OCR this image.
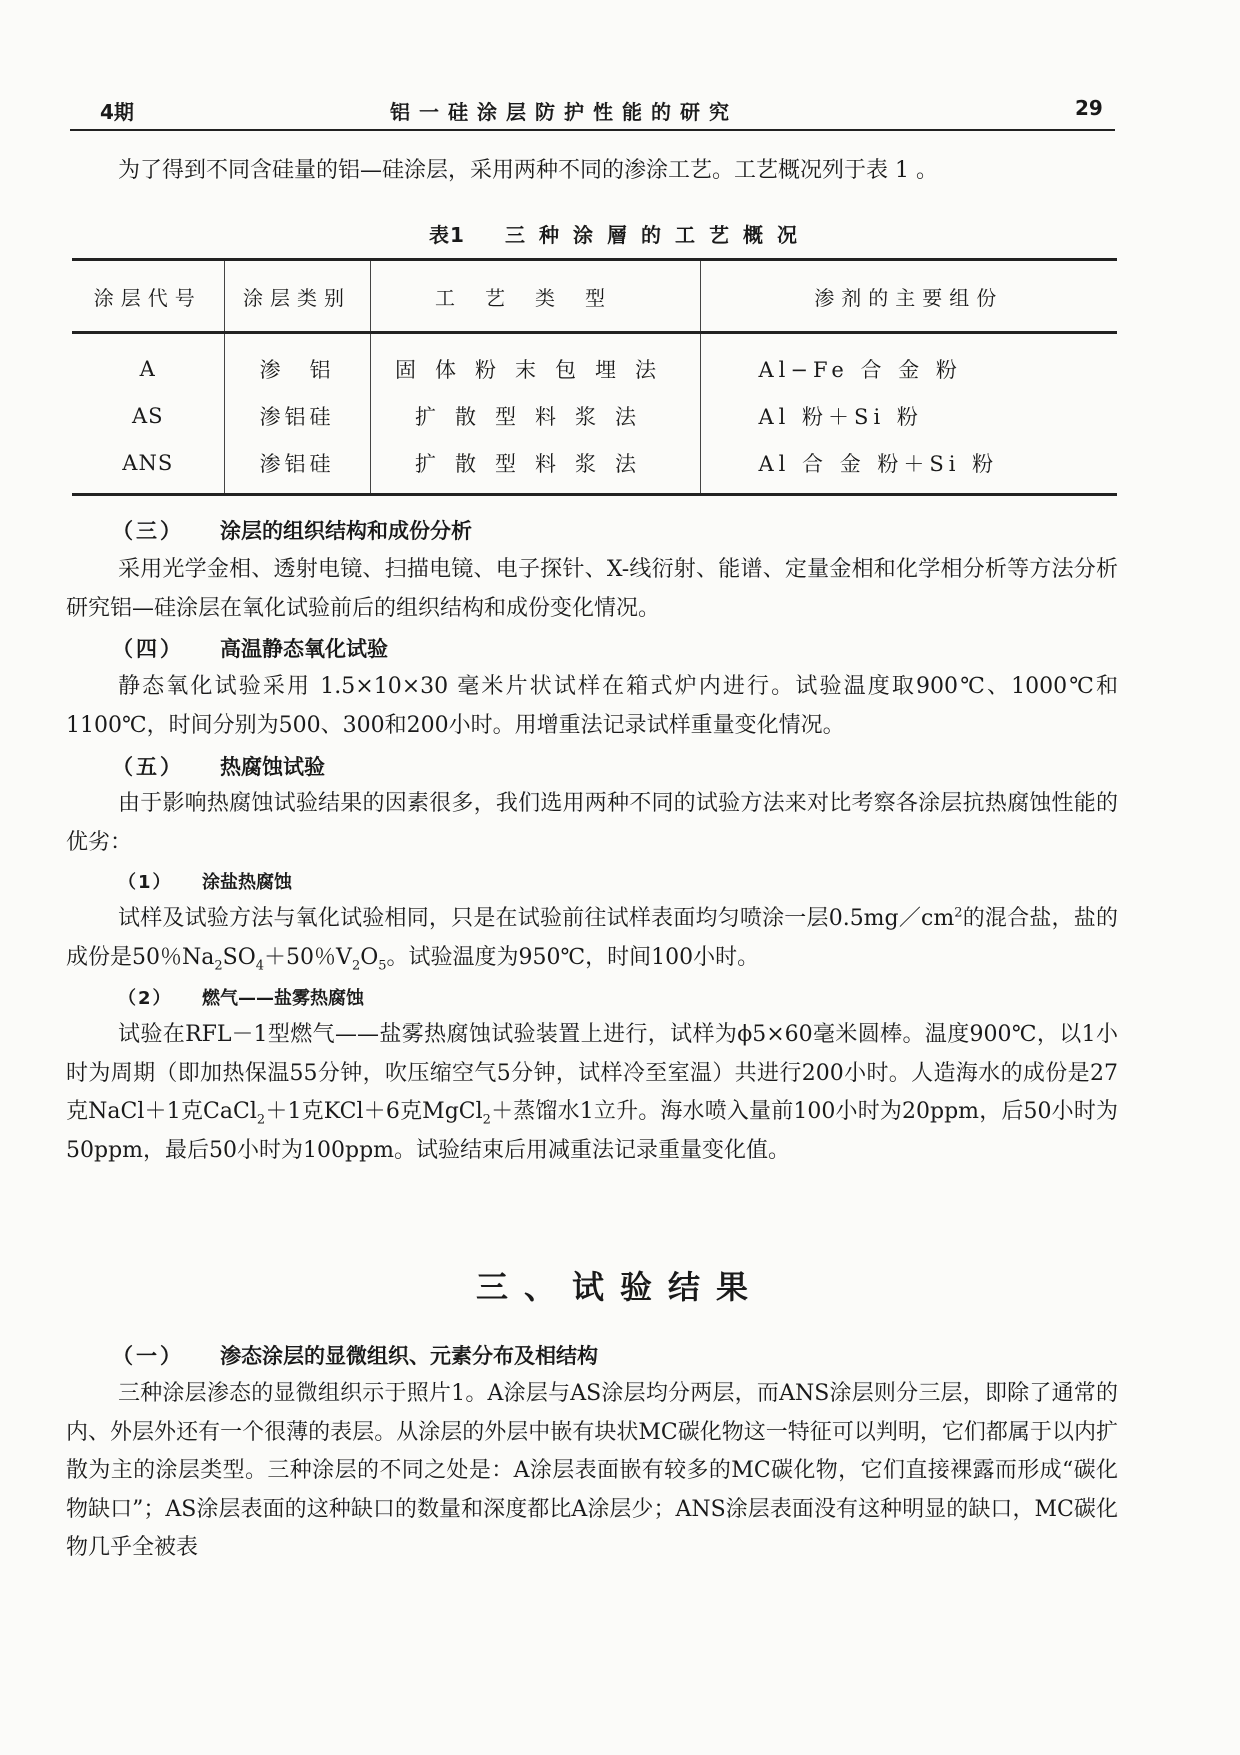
4期	铝一硅涂层防护性能的研究	29
为了得到不同含硅量的铝—硅涂层，采用两种不同的渗涂工艺。工艺概况列于表 1 。
表1 三种涂層的工艺概况
涂层代号	涂层类别	工艺类型	渗剂的主要组份
A	渗　铝	固体粉末包埋法	Al−Fe 合 金 粉
AS	渗铝硅	扩散型料浆法	Al 粉＋Si 粉
ANS	渗铝硅	扩散型料浆法	Al 合 金 粉＋Si 粉
（三） 涂层的组织结构和成份分析
采用光学金相、透射电镜、扫描电镜、电子探针、X-线衍射、能谱、定量金相和化学相分析等方法分析研究铝—硅涂层在氧化试验前后的组织结构和成份变化情况。
（四） 高温静态氧化试验
静态氧化试验采用 1.5×10×30 毫米片状试样在箱式炉内进行。试验温度取900℃、1000℃和1100℃，时间分别为500、300和200小时。用增重法记录试样重量变化情况。
（五） 热腐蚀试验
由于影响热腐蚀试验结果的因素很多，我们选用两种不同的试验方法来对比考察各涂层抗热腐蚀性能的优劣：
（1） 涂盐热腐蚀
试样及试验方法与氧化试验相同，只是在试验前往试样表面均匀喷涂一层$0.5mg/cm^2$的混合盐，盐的成份是50％$Na_2SO_4+50$％$V_2O_5$。试验温度为950℃，时间100小时。
（2） 燃气——盐雾热腐蚀
试验在RFL－1型燃气——盐雾热腐蚀试验装置上进行，试样为ϕ5×60毫米圆棒。温度900℃，以1小时为周期（即加热保温55分钟，吹压缩空气5分钟，试样冷至室温）共进行200小时。人造海水的成份是27克NaCl＋1克CaCl$_2$＋1克KCl＋6克MgCl$_2$＋蒸馏水1立升。海水喷入量前100小时为20ppm，后50小时为50ppm，最后50小时为100ppm。试验结束后用减重法记录重量变化值。
三、试验结果
（一） 渗态涂层的显微组织、元素分布及相结构
三种涂层渗态的显微组织示于照片1。A涂层与AS涂层均分两层，而ANS涂层则分三层，即除了通常的内、外层外还有一个很薄的表层。从涂层的外层中嵌有块状MC碳化物这一特征可以判明，它们都属于以内扩散为主的涂层类型。三种涂层的不同之处是：A涂层表面嵌有较多的MC碳化物，它们直接裸露而形成“碳化物缺口”；AS涂层表面的这种缺口的数量和深度都比A涂层少；ANS涂层表面没有这种明显的缺口，MC碳化物几乎全被表
